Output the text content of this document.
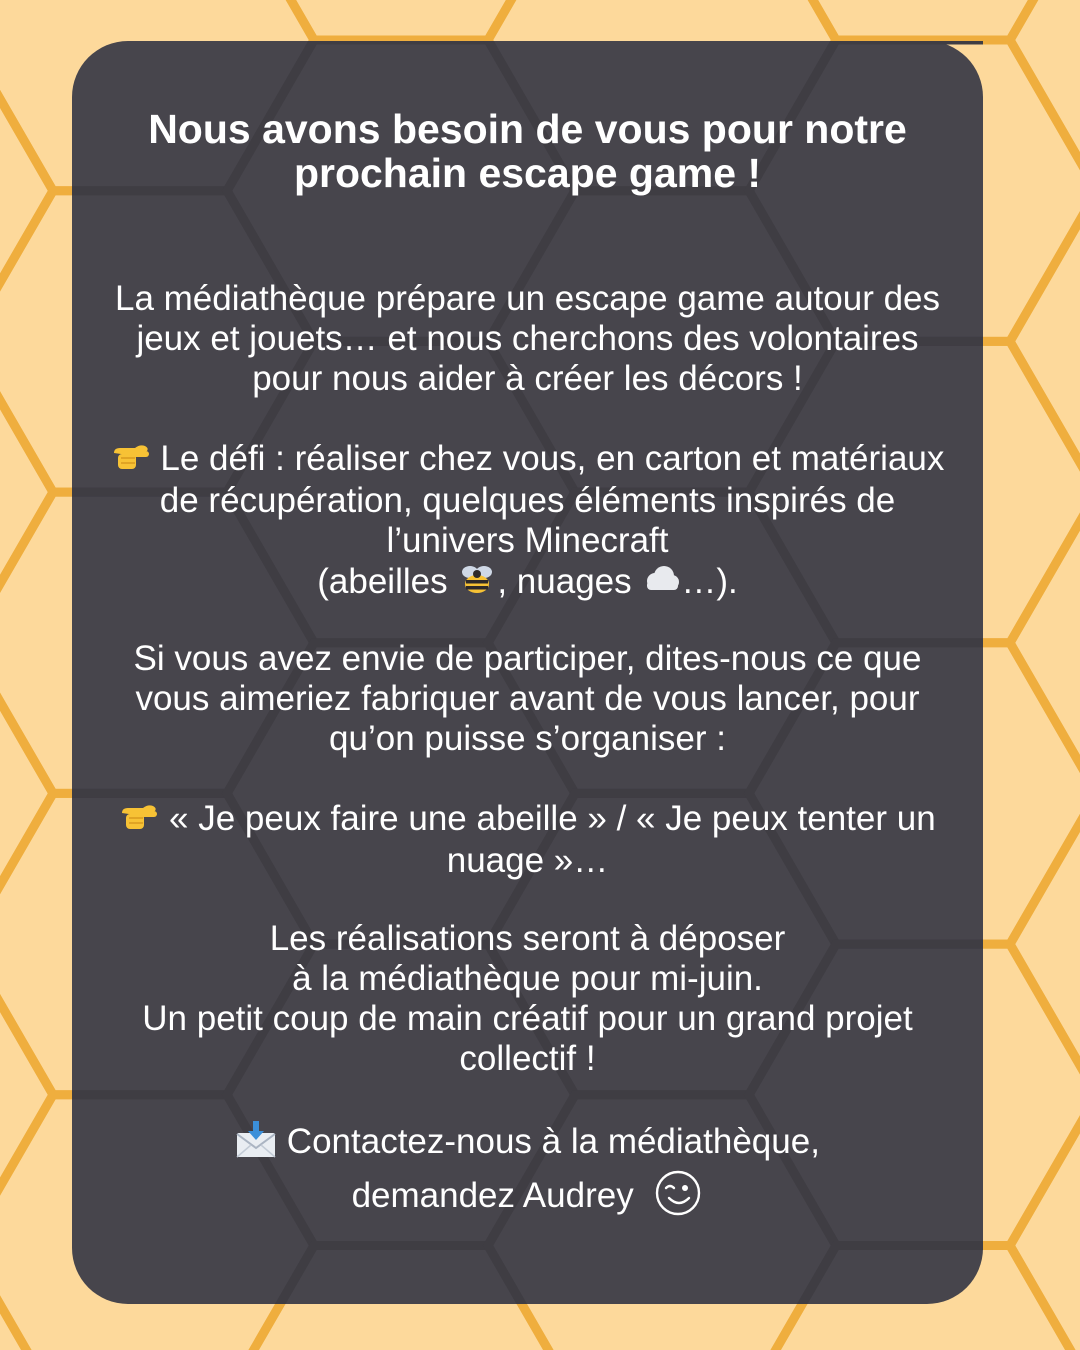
Nous avons besoin de vous pour notre
prochain escape game !

La médiathèque prépare un escape game autour des
jeux et jouets… et nous cherchons des volontaires
pour nous aider à créer les décors !

Le défi : réaliser chez vous, en carton et matériaux
de récupération, quelques éléments inspirés de
l’univers Minecraft
(abeilles , nuages …).

Si vous avez envie de participer, dites-nous ce que
vous aimeriez fabriquer avant de vous lancer, pour
qu’on puisse s’organiser :

« Je peux faire une abeille » / « Je peux tenter un
nuage »…

Les réalisations seront à déposer
à la médiathèque pour mi-juin.
Un petit coup de main créatif pour un grand projet
collectif !

Contactez-nous à la médiathèque,
demandez Audrey
